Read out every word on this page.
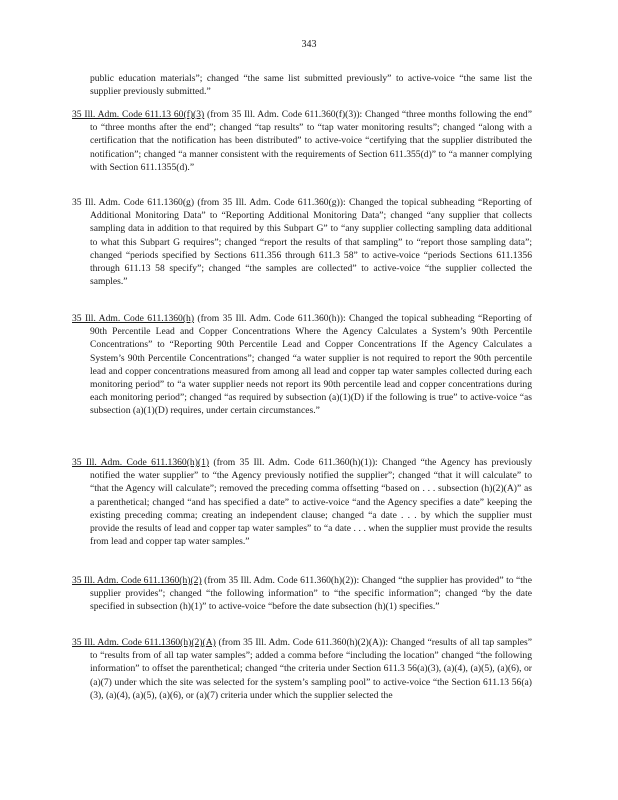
343

public education materials”; changed “the same list submitted previously” to active-voice “the same list the supplier previously submitted.”

35 Ill. Adm. Code 611.13 60(f)(3) (from 35 Ill. Adm. Code 611.360(f)(3)): Changed “three months following the end” to “three months after the end”; changed “tap results” to “tap water monitoring results”; changed “along with a certification that the notification has been distributed” to active-voice “certifying that the supplier distributed the notification”; changed “a manner consistent with the requirements of Section 611.355(d)” to “a manner complying with Section 611.1355(d).”

35 Ill. Adm. Code 611.1360(g) (from 35 Ill. Adm. Code 611.360(g)): Changed the topical subheading “Reporting of Additional Monitoring Data” to “Reporting Additional Monitoring Data”; changed “any supplier that collects sampling data in addition to that required by this Subpart G” to “any supplier collecting sampling data additional to what this Subpart G requires”; changed “report the results of that sampling” to “report those sampling data”; changed “periods specified by Sections 611.356 through 611.3 58” to active-voice “periods Sections 611.1356 through 611.13 58 specify”; changed “the samples are collected” to active-voice “the supplier collected the samples.”

35 Ill. Adm. Code 611.1360(h) (from 35 Ill. Adm. Code 611.360(h)): Changed the topical subheading “Reporting of 90th Percentile Lead and Copper Concentrations Where the Agency Calculates a System’s 90th Percentile Concentrations” to “Reporting 90th Percentile Lead and Copper Concentrations If the Agency Calculates a System’s 90th Percentile Concentrations”; changed “a water supplier is not required to report the 90th percentile lead and copper concentrations measured from among all lead and copper tap water samples collected during each monitoring period” to “a water supplier needs not report its 90th percentile lead and copper concentrations during each monitoring period”; changed “as required by subsection (a)(1)(D) if the following is true” to active-voice “as subsection (a)(1)(D) requires, under certain circumstances.”

35 Ill. Adm. Code 611.1360(h)(1) (from 35 Ill. Adm. Code 611.360(h)(1)): Changed “the Agency has previously notified the water supplier” to “the Agency previously notified the supplier”; changed “that it will calculate” to “that the Agency will calculate”; removed the preceding comma offsetting “based on . . . subsection (h)(2)(A)” as a parenthetical; changed “and has specified a date” to active-voice “and the Agency specifies a date” keeping the existing preceding comma; creating an independent clause; changed “a date . . . by which the supplier must provide the results of lead and copper tap water samples” to “a date . . . when the supplier must provide the results from lead and copper tap water samples.”

35 Ill. Adm. Code 611.1360(h)(2) (from 35 Ill. Adm. Code 611.360(h)(2)): Changed “the supplier has provided” to “the supplier provides”; changed “the following information” to “the specific information”; changed “by the date specified in subsection (h)(1)” to active-voice “before the date subsection (h)(1) specifies.”

35 Ill. Adm. Code 611.1360(h)(2)(A) (from 35 Ill. Adm. Code 611.360(h)(2)(A)): Changed “results of all tap samples” to “results from of all tap water samples”; added a comma before “including the location” changed “the following information” to offset the parenthetical; changed “the criteria under Section 611.3 56(a)(3), (a)(4), (a)(5), (a)(6), or (a)(7) under which the site was selected for the system’s sampling pool” to active-voice “the Section 611.13 56(a)(3), (a)(4), (a)(5), (a)(6), or (a)(7) criteria under which the supplier selected the
